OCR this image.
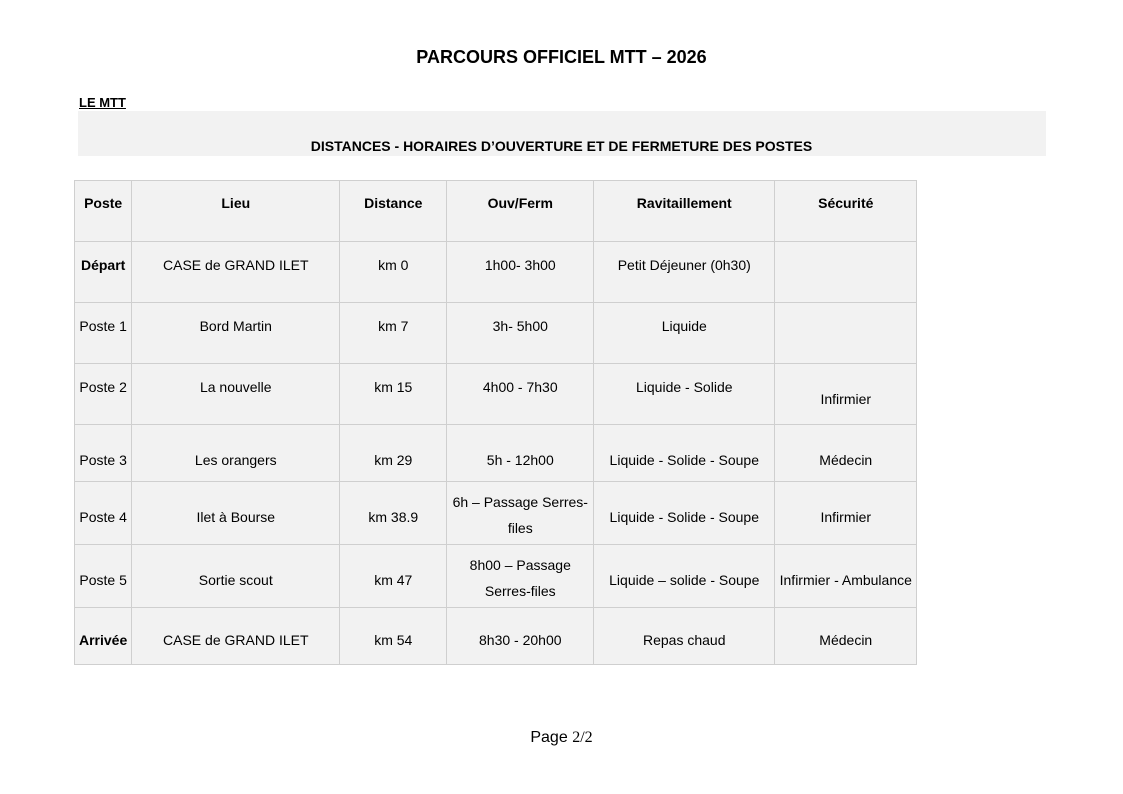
PARCOURS OFFICIEL MTT – 2026
LE MTT
DISTANCES - HORAIRES D’OUVERTURE ET DE FERMETURE DES POSTES
Poste	Lieu	Distance	Ouv/Ferm	Ravitaillement	Sécurité

Départ	CASE de GRAND ILET	km 0	1h00- 3h00	Petit Déjeuner (0h30)	

Poste 1	Bord Martin	km 7	3h- 5h00	Liquide	

Poste 2	La nouvelle	km 15	4h00 - 7h30	Liquide - Solide	Infirmier

Poste 3	Les orangers	km 29	5h - 12h00	Liquide - Solide - Soupe	Médecin

Poste 4	Ilet à Bourse	km 38.9	6h – Passage Serres-files	Liquide - Solide - Soupe	Infirmier

Poste 5	Sortie scout	km 47	8h00 – Passage Serres-files	Liquide – solide - Soupe	Infirmier - Ambulance

Arrivée	CASE de GRAND ILET	km 54	8h30 - 20h00	Repas chaud	Médecin
Page 2/2
